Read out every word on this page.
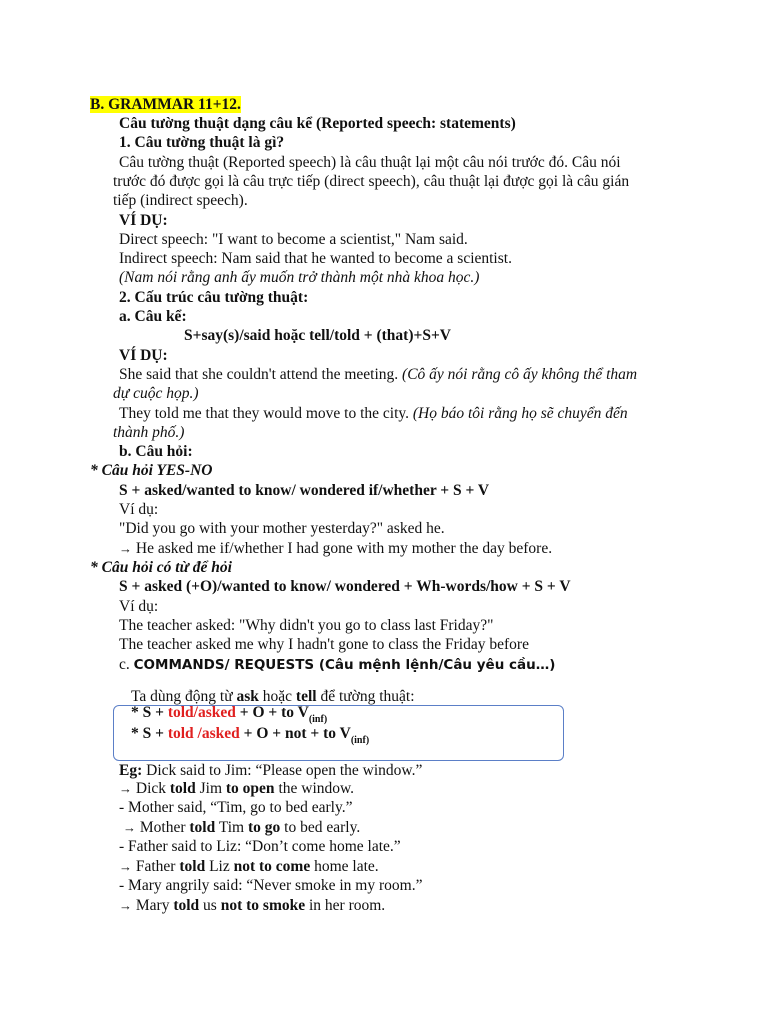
B. GRAMMAR 11+12.
Câu tường thuật dạng câu kể (Reported speech: statements)
1. Câu tường thuật là gì?
Câu tường thuật (Reported speech) là câu thuật lại một câu nói trước đó. Câu nói
trước đó được gọi là câu trực tiếp (direct speech), câu thuật lại được gọi là câu gián
tiếp (indirect speech).
VÍ DỤ:
Direct speech: "I want to become a scientist," Nam said.
Indirect speech: Nam said that he wanted to become a scientist.
(Nam nói rằng anh ấy muốn trở thành một nhà khoa học.)
2. Cấu trúc câu tường thuật:
a. Câu kể:
S+say(s)/said hoặc tell/told + (that)+S+V
VÍ DỤ:
She said that she couldn't attend the meeting. (Cô ấy nói rằng cô ấy không thể tham
dự cuộc họp.)
They told me that they would move to the city. (Họ báo tôi rằng họ sẽ chuyển đến
thành phố.)
b. Câu hỏi:
* Câu hỏi YES-NO
S + asked/wanted to know/ wondered if/whether + S + V
Ví dụ:
"Did you go with your mother yesterday?" asked he.
→ He asked me if/whether I had gone with my mother the day before.
* Câu hỏi có từ để hỏi
S + asked (+O)/wanted to know/ wondered + Wh-words/how + S + V
Ví dụ:
The teacher asked: "Why didn't you go to class last Friday?"
The teacher asked me why I hadn't gone to class the Friday before
c. COMMANDS/ REQUESTS (Câu mệnh lệnh/Câu yêu cầu…)
Ta dùng động từ ask hoặc tell để tường thuật:
* S + told/asked + O + to $V_{(inf)}$
* S + told /asked + O + not + to $V_{(inf)}$
Eg: Dick said to Jim: “Please open the window.”
→ Dick told Jim to open the window.
- Mother said, “Tim, go to bed early.”
→ Mother told Tim to go to bed early.
- Father said to Liz: “Don’t come home late.”
→ Father told Liz not to come home late.
- Mary angrily said: “Never smoke in my room.”
→ Mary told us not to smoke in her room.
